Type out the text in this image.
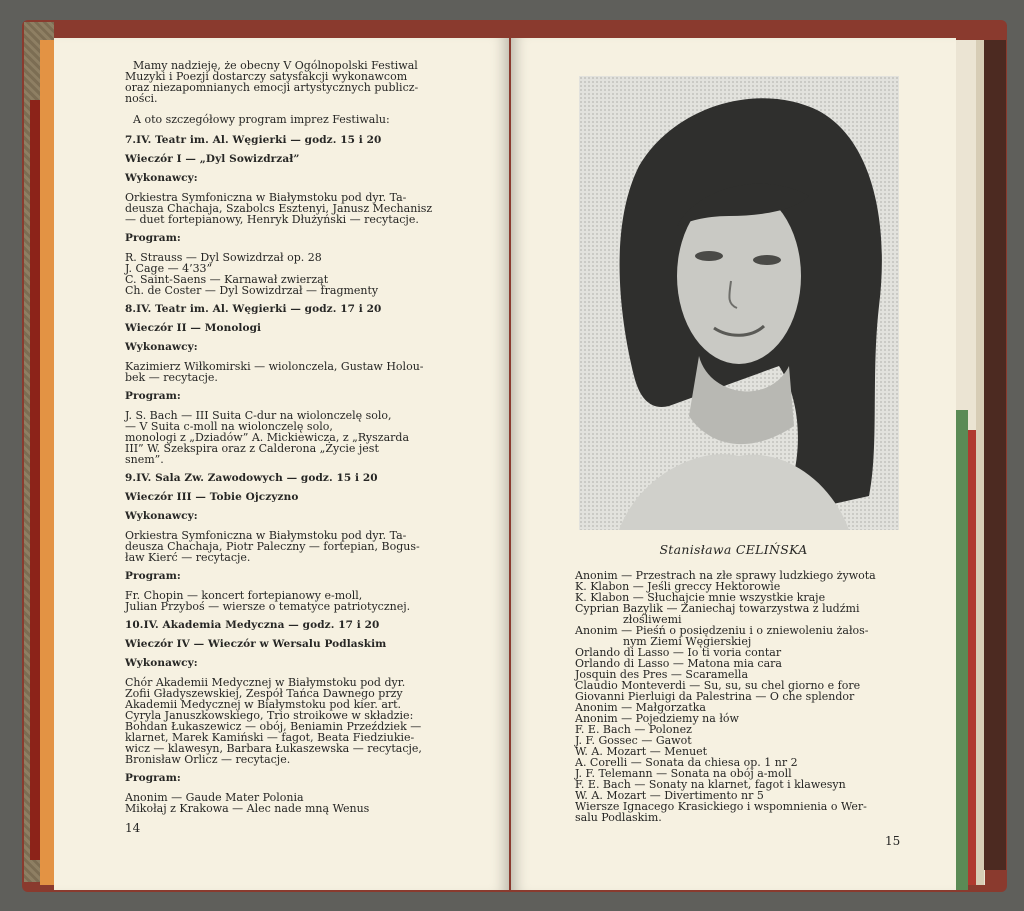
Mamy nadzieję, że obecny V Ogólnopolski Festiwal
Muzyki i Poezji dostarczy satysfakcji wykonawcom
oraz niezapomnianych emocji artystycznych publicz-
ności.

A oto szczegółowy program imprez Festiwalu:

7.IV. Teatr im. Al. Węgierki — godz. 15 i 20

Wieczór I — „Dyl Sowizdrzał”

Wykonawcy:

Orkiestra Symfoniczna w Białymstoku pod dyr. Ta-
deusza Chachaja, Szabolcs Esztenyi, Janusz Mechanisz
— duet fortepianowy, Henryk Dłużyński — recytacje.

Program:

R. Strauss — Dyl Sowizdrzał op. 28
J. Cage — 4’33”
C. Saint-Saens — Karnawał zwierząt
Ch. de Coster — Dyl Sowizdrzał — fragmenty

8.IV. Teatr im. Al. Węgierki — godz. 17 i 20

Wieczór II — Monologi

Wykonawcy:

Kazimierz Wiłkomirski — wiolonczela, Gustaw Holou-
bek — recytacje.

Program:

J. S. Bach — III Suita C-dur na wiolonczelę solo,
— V Suita c-moll na wiolonczelę solo,
monologi z „Dziadów” A. Mickiewicza, z „Ryszarda
III” W. Szekspira oraz z Calderona „Życie jest
snem”.

9.IV. Sala Zw. Zawodowych — godz. 15 i 20

Wieczór III — Tobie Ojczyzno

Wykonawcy:

Orkiestra Symfoniczna w Białymstoku pod dyr. Ta-
deusza Chachaja, Piotr Paleczny — fortepian, Bogus-
ław Kierć — recytacje.

Program:

Fr. Chopin — koncert fortepianowy e-moll,
Julian Przyboś — wiersze o tematyce patriotycznej.

10.IV. Akademia Medyczna — godz. 17 i 20

Wieczór IV — Wieczór w Wersalu Podlaskim

Wykonawcy:

Chór Akademii Medycznej w Białymstoku pod dyr.
Zofii Gładyszewskiej, Zespół Tańca Dawnego przy
Akademii Medycznej w Białymstoku pod kier. art.
Cyryla Januszkowskiego, Trio stroikowe w składzie:
Bohdan Łukaszewicz — obój, Beniamin Przeździek —
klarnet, Marek Kamiński — fagot, Beata Fiedziukie-
wicz — klawesyn, Barbara Łukaszewska — recytacje,
Bronisław Orlicz — recytacje.

Program:

Anonim — Gaude Mater Polonia
Mikołaj z Krakowa — Alec nade mną Wenus

14
Stanisława CELIŃSKA
Anonim — Przestrach na złe sprawy ludzkiego żywota
K. Klabon — Jeśli greccy Hektorowie
K. Klabon — Słuchajcie mnie wszystkie kraje
Cyprian Bazylik — Zaniechaj towarzystwa z ludźmi
złośliwemi
Anonim — Pieśń o posiędzeniu i o zniewoleniu żałos-
nym Ziemi Węgierskiej
Orlando di Lasso — Io ti voria contar
Orlando di Lasso — Matona mia cara
Josquin des Pres — Scaramella
Claudio Monteverdi — Su, su, su chel giorno e fore
Giovanni Pierluigi da Palestrina — O che splendor
Anonim — Małgorzatka
Anonim — Pojedziemy na łów
F. E. Bach — Polonez
J. F. Gossec — Gawot
W. A. Mozart — Menuet
A. Corelli — Sonata da chiesa op. 1 nr 2
J. F. Telemann — Sonata na obój a-moll
F. E. Bach — Sonaty na klarnet, fagot i klawesyn
W. A. Mozart — Divertimento nr 5
Wiersze Ignacego Krasickiego i wspomnienia o Wer-
salu Podlaskim.
15
